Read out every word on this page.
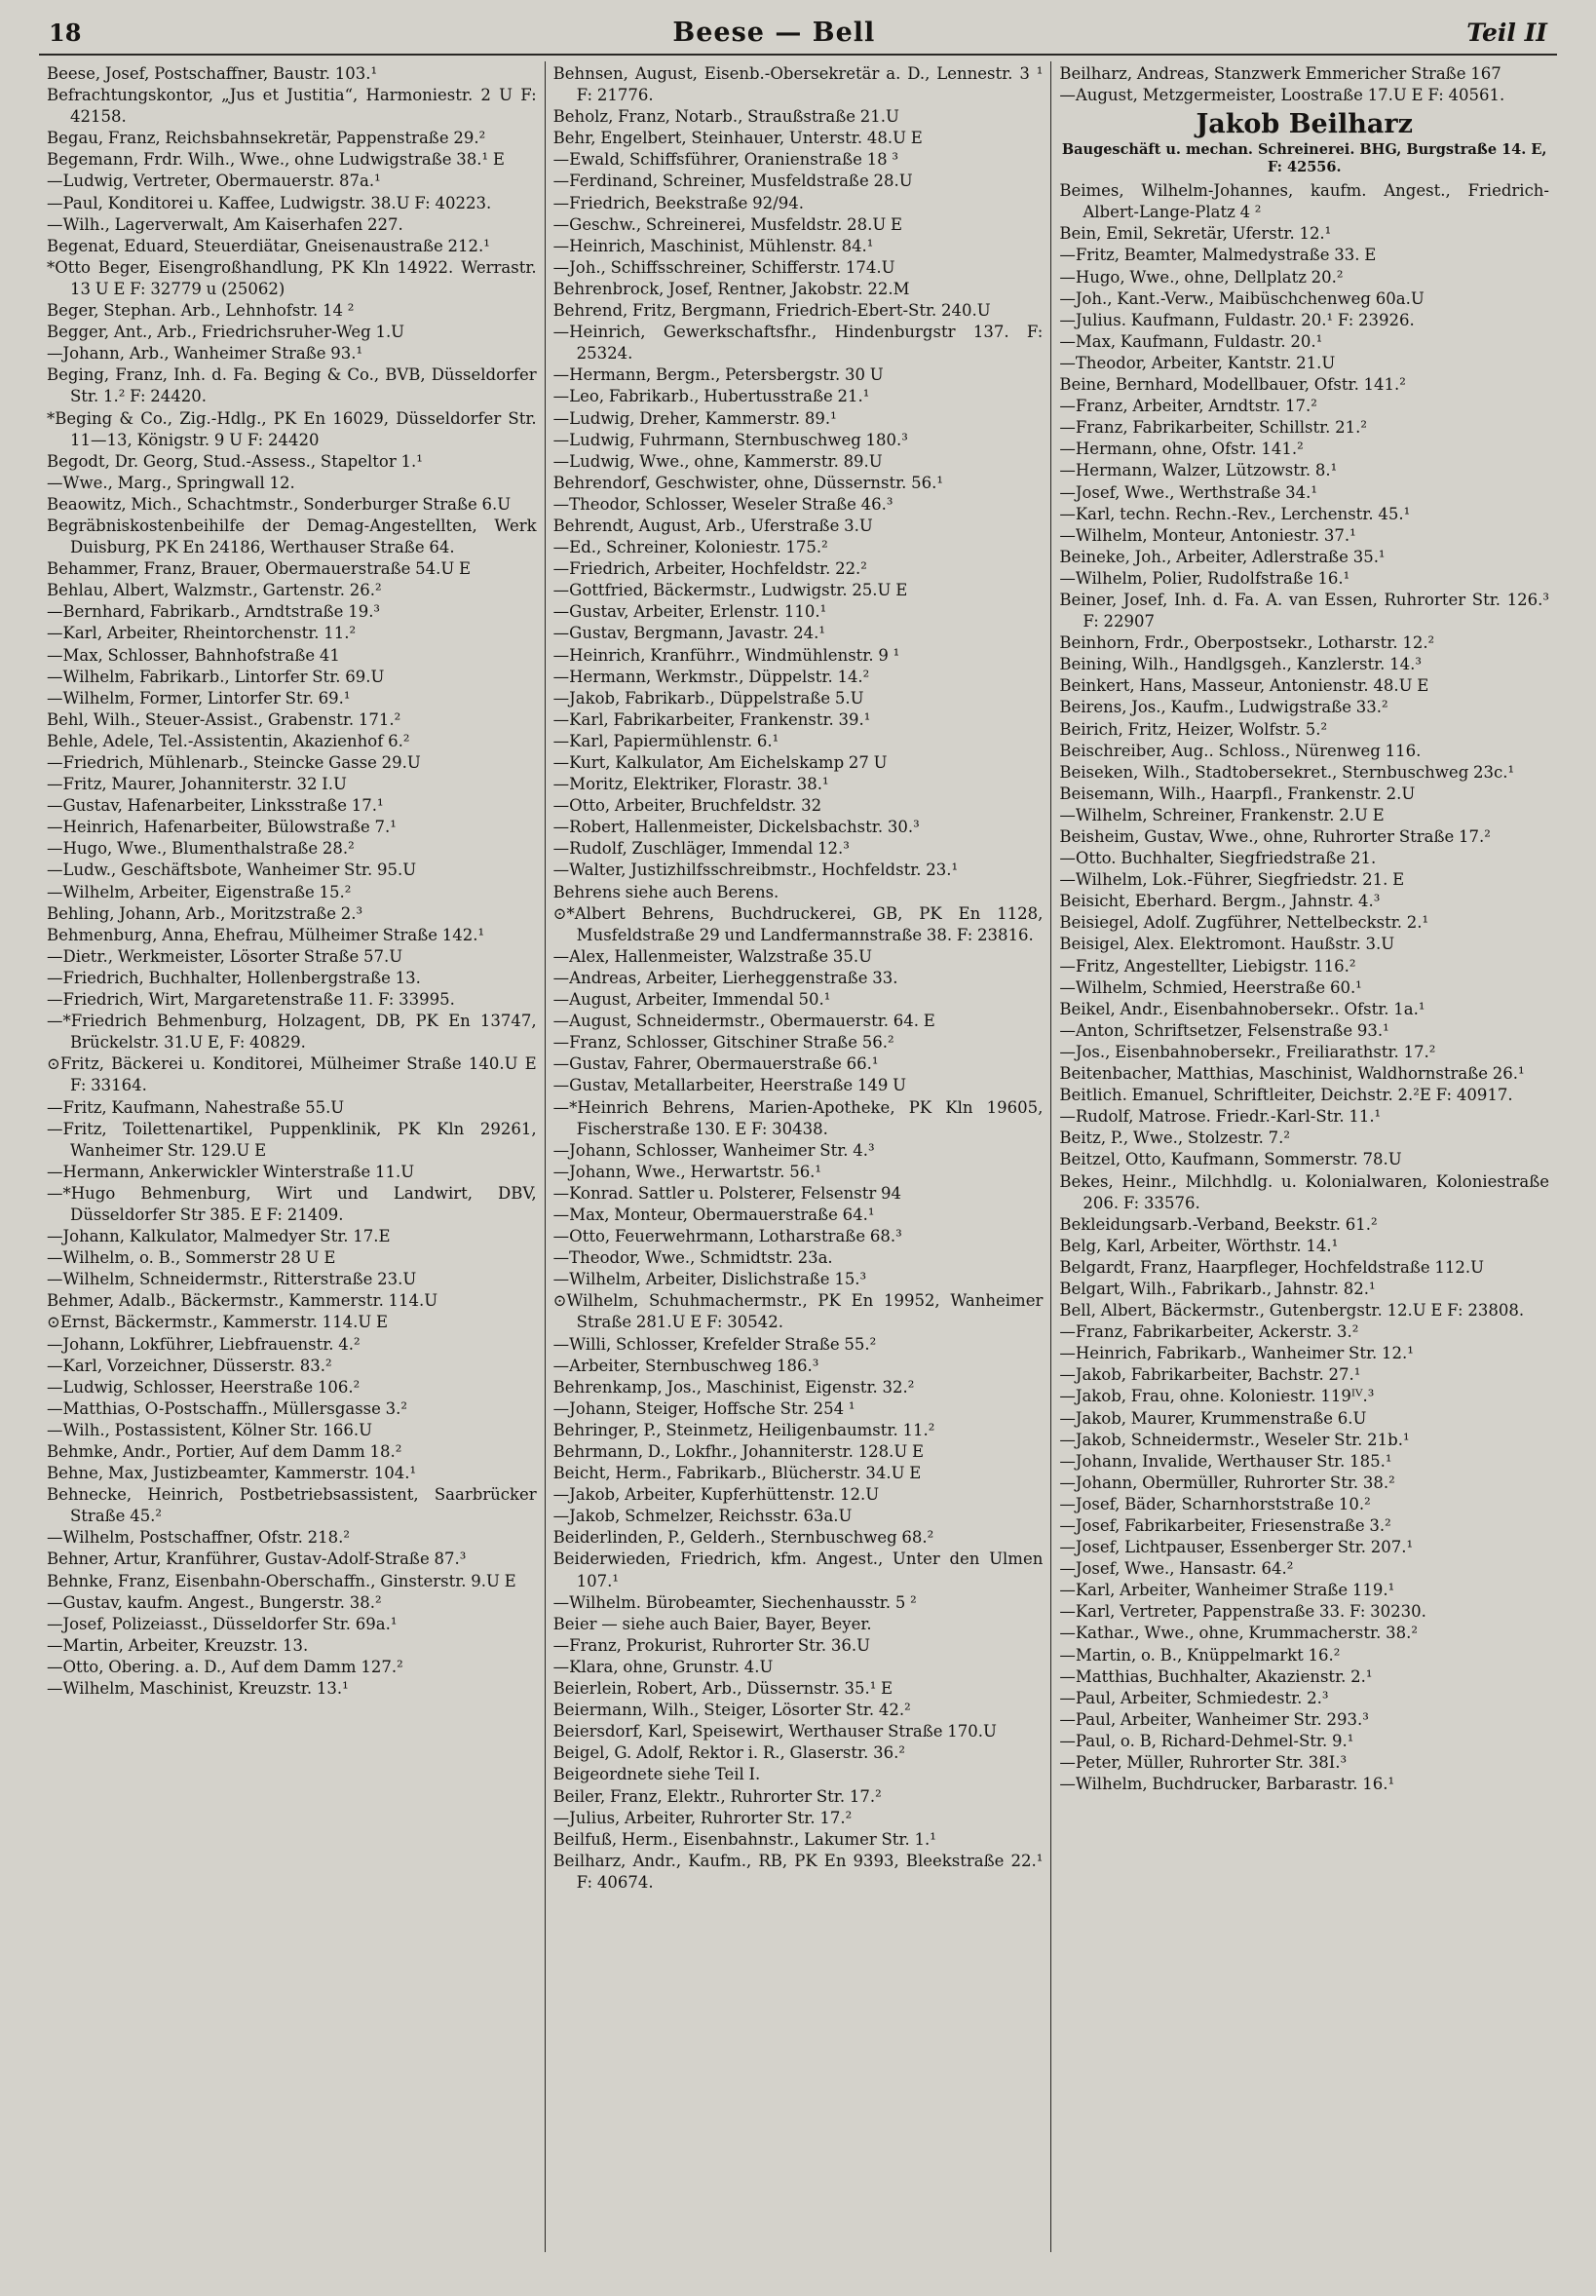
18	Beese — Bell	Teil II

Beese, Josef, Postschaffner, Baustr. 103.¹

Befrachtungskontor, „Jus et Justitia“, Harmoniestr. 2 U F: 42158.

Begau, Franz, Reichsbahnsekretär, Pappenstraße 29.²

Begemann, Frdr. Wilh., Wwe., ohne Ludwigstraße 38.¹ E

—Ludwig, Vertreter, Obermauerstr. 87a.¹

—Paul, Konditorei u. Kaffee, Ludwigstr. 38.U F: 40223.

—Wilh., Lagerverwalt, Am Kaiserhafen 227.

Begenat, Eduard, Steuerdiätar, Gneisenaustraße 212.¹

*Otto Beger, Eisengroßhandlung, PK Kln 14922. Werrastr. 13 U E F: 32779 u (25062)

Beger, Stephan. Arb., Lehnhofstr. 14 ²

Begger, Ant., Arb., Friedrichsruher-Weg 1.U

—Johann, Arb., Wanheimer Straße 93.¹

Beging, Franz, Inh. d. Fa. Beging & Co., BVB, Düsseldorfer Str. 1.² F: 24420.

*Beging & Co., Zig.-Hdlg., PK En 16029, Düsseldorfer Str. 11—13, Königstr. 9 U F: 24420

Begodt, Dr. Georg, Stud.-Assess., Stapeltor 1.¹

—Wwe., Marg., Springwall 12.

Beaowitz, Mich., Schachtmstr., Sonderburger Straße 6.U

Begräbniskostenbeihilfe der Demag-Angestellten, Werk Duisburg, PK En 24186, Werthauser Straße 64.

Behammer, Franz, Brauer, Obermauerstraße 54.U E

Behlau, Albert, Walzmstr., Gartenstr. 26.²

—Bernhard, Fabrikarb., Arndtstraße 19.³

—Karl, Arbeiter, Rheintorchenstr. 11.²

—Max, Schlosser, Bahnhofstraße 41

—Wilhelm, Fabrikarb., Lintorfer Str. 69.U

—Wilhelm, Former, Lintorfer Str. 69.¹

Behl, Wilh., Steuer-Assist., Grabenstr. 171.²

Behle, Adele, Tel.-Assistentin, Akazienhof 6.²

—Friedrich, Mühlenarb., Steincke Gasse 29.U

—Fritz, Maurer, Johanniterstr. 32 I.U

—Gustav, Hafenarbeiter, Linksstraße 17.¹

—Heinrich, Hafenarbeiter, Bülowstraße 7.¹

—Hugo, Wwe., Blumenthalstraße 28.²

—Ludw., Geschäftsbote, Wanheimer Str. 95.U

—Wilhelm, Arbeiter, Eigenstraße 15.²

Behling, Johann, Arb., Moritzstraße 2.³

Behmenburg, Anna, Ehefrau, Mülheimer Straße 142.¹

—Dietr., Werkmeister, Lösorter Straße 57.U

—Friedrich, Buchhalter, Hollenbergstraße 13.

—Friedrich, Wirt, Margaretenstraße 11. F: 33995.

—*Friedrich Behmenburg, Holzagent, DB, PK En 13747, Brückelstr. 31.U E, F: 40829.

⊙Fritz, Bäckerei u. Konditorei, Mülheimer Straße 140.U E F: 33164.

—Fritz, Kaufmann, Nahestraße 55.U

—Fritz, Toilettenartikel, Puppenklinik, PK Kln 29261, Wanheimer Str. 129.U E

—Hermann, Ankerwickler Winterstraße 11.U

—*Hugo Behmenburg, Wirt und Landwirt, DBV, Düsseldorfer Str 385. E F: 21409.

—Johann, Kalkulator, Malmedyer Str. 17.E

—Wilhelm, o. B., Sommerstr 28 U E

—Wilhelm, Schneidermstr., Ritterstraße 23.U

Behmer, Adalb., Bäckermstr., Kammerstr. 114.U

⊙Ernst, Bäckermstr., Kammerstr. 114.U E

—Johann, Lokführer, Liebfrauenstr. 4.²

—Karl, Vorzeichner, Düsserstr. 83.²

—Ludwig, Schlosser, Heerstraße 106.²

—Matthias, O-Postschaffn., Müllersgasse 3.²

—Wilh., Postassistent, Kölner Str. 166.U

Behmke, Andr., Portier, Auf dem Damm 18.²

Behne, Max, Justizbeamter, Kammerstr. 104.¹

Behnecke, Heinrich, Postbetriebsassistent, Saarbrücker Straße 45.²

—Wilhelm, Postschaffner, Ofstr. 218.²

Behner, Artur, Kranführer, Gustav-Adolf-Straße 87.³

Behnke, Franz, Eisenbahn-Oberschaffn., Ginsterstr. 9.U E

—Gustav, kaufm. Angest., Bungerstr. 38.²

—Josef, Polizeiasst., Düsseldorfer Str. 69a.¹

—Martin, Arbeiter, Kreuzstr. 13.

—Otto, Obering. a. D., Auf dem Damm 127.²

—Wilhelm, Maschinist, Kreuzstr. 13.¹

Behnsen, August, Eisenb.-Obersekretär a. D., Lennestr. 3 ¹ F: 21776.

Beholz, Franz, Notarb., Straußstraße 21.U

Behr, Engelbert, Steinhauer, Unterstr. 48.U E

—Ewald, Schiffsführer, Oranienstraße 18 ³

—Ferdinand, Schreiner, Musfeldstraße 28.U

—Friedrich, Beekstraße 92/94.

—Geschw., Schreinerei, Musfeldstr. 28.U E

—Heinrich, Maschinist, Mühlenstr. 84.¹

—Joh., Schiffsschreiner, Schifferstr. 174.U

Behrenbrock, Josef, Rentner, Jakobstr. 22.M

Behrend, Fritz, Bergmann, Friedrich-Ebert-Str. 240.U

—Heinrich, Gewerkschaftsfhr., Hindenburgstr 137. F: 25324.

—Hermann, Bergm., Petersbergstr. 30 U

—Leo, Fabrikarb., Hubertusstraße 21.¹

—Ludwig, Dreher, Kammerstr. 89.¹

—Ludwig, Fuhrmann, Sternbuschweg 180.³

—Ludwig, Wwe., ohne, Kammerstr. 89.U

Behrendorf, Geschwister, ohne, Düssernstr. 56.¹

—Theodor, Schlosser, Weseler Straße 46.³

Behrendt, August, Arb., Uferstraße 3.U

—Ed., Schreiner, Koloniestr. 175.²

—Friedrich, Arbeiter, Hochfeldstr. 22.²

—Gottfried, Bäckermstr., Ludwigstr. 25.U E

—Gustav, Arbeiter, Erlenstr. 110.¹

—Gustav, Bergmann, Javastr. 24.¹

—Heinrich, Kranführr., Windmühlenstr. 9 ¹

—Hermann, Werkmstr., Düppelstr. 14.²

—Jakob, Fabrikarb., Düppelstraße 5.U

—Karl, Fabrikarbeiter, Frankenstr. 39.¹

—Karl, Papiermühlenstr. 6.¹

—Kurt, Kalkulator, Am Eichelskamp 27 U

—Moritz, Elektriker, Florastr. 38.¹

—Otto, Arbeiter, Bruchfeldstr. 32

—Robert, Hallenmeister, Dickelsbachstr. 30.³

—Rudolf, Zuschläger, Immendal 12.³

—Walter, Justizhilfsschreibmstr., Hochfeldstr. 23.¹

Behrens siehe auch Berens.

⊙*Albert Behrens, Buchdruckerei, GB, PK En 1128, Musfeldstraße 29 und Landfermannstraße 38. F: 23816.

—Alex, Hallenmeister, Walzstraße 35.U

—Andreas, Arbeiter, Lierheggenstraße 33.

—August, Arbeiter, Immendal 50.¹

—August, Schneidermstr., Obermauerstr. 64. E

—Franz, Schlosser, Gitschiner Straße 56.²

—Gustav, Fahrer, Obermauerstraße 66.¹

—Gustav, Metallarbeiter, Heerstraße 149 U

—*Heinrich Behrens, Marien-Apotheke, PK Kln 19605, Fischerstraße 130. E F: 30438.

—Johann, Schlosser, Wanheimer Str. 4.³

—Johann, Wwe., Herwartstr. 56.¹

—Konrad. Sattler u. Polsterer, Felsenstr 94

—Max, Monteur, Obermauerstraße 64.¹

—Otto, Feuerwehrmann, Lotharstraße 68.³

—Theodor, Wwe., Schmidtstr. 23a.

—Wilhelm, Arbeiter, Dislichstraße 15.³

⊙Wilhelm, Schuhmachermstr., PK En 19952, Wanheimer Straße 281.U E F: 30542.

—Willi, Schlosser, Krefelder Straße 55.²

—Arbeiter, Sternbuschweg 186.³

Behrenkamp, Jos., Maschinist, Eigenstr. 32.²

—Johann, Steiger, Hoffsche Str. 254 ¹

Behringer, P., Steinmetz, Heiligenbaumstr. 11.²

Behrmann, D., Lokfhr., Johanniterstr. 128.U E

Beicht, Herm., Fabrikarb., Blücherstr. 34.U E

—Jakob, Arbeiter, Kupferhüttenstr. 12.U

—Jakob, Schmelzer, Reichsstr. 63a.U

Beiderlinden, P., Gelderh., Sternbuschweg 68.²

Beiderwieden, Friedrich, kfm. Angest., Unter den Ulmen 107.¹

—Wilhelm. Bürobeamter, Siechenhausstr. 5 ²

Beier — siehe auch Baier, Bayer, Beyer.

—Franz, Prokurist, Ruhrorter Str. 36.U

—Klara, ohne, Grunstr. 4.U

Beierlein, Robert, Arb., Düssernstr. 35.¹ E

Beiermann, Wilh., Steiger, Lösorter Str. 42.²

Beiersdorf, Karl, Speisewirt, Werthauser Straße 170.U

Beigel, G. Adolf, Rektor i. R., Glaserstr. 36.²

Beigeordnete siehe Teil I.

Beiler, Franz, Elektr., Ruhrorter Str. 17.²

—Julius, Arbeiter, Ruhrorter Str. 17.²

Beilfuß, Herm., Eisenbahnstr., Lakumer Str. 1.¹

Beilharz, Andr., Kaufm., RB, PK En 9393, Bleekstraße 22.¹ F: 40674.

Beilharz, Andreas, Stanzwerk Emmericher Straße 167

—August, Metzgermeister, Loostraße 17.U E F: 40561.

Jakob Beilharz

Baugeschäft u. mechan. Schreinerei. BHG, Burgstraße 14. E, F: 42556.

Beimes, Wilhelm-Johannes, kaufm. Angest., Friedrich-Albert-Lange-Platz 4 ²

Bein, Emil, Sekretär, Uferstr. 12.¹

—Fritz, Beamter, Malmedystraße 33. E

—Hugo, Wwe., ohne, Dellplatz 20.²

—Joh., Kant.-Verw., Maibüschchenweg 60a.U

—Julius. Kaufmann, Fuldastr. 20.¹ F: 23926.

—Max, Kaufmann, Fuldastr. 20.¹

—Theodor, Arbeiter, Kantstr. 21.U

Beine, Bernhard, Modellbauer, Ofstr. 141.²

—Franz, Arbeiter, Arndtstr. 17.²

—Franz, Fabrikarbeiter, Schillstr. 21.²

—Hermann, ohne, Ofstr. 141.²

—Hermann, Walzer, Lützowstr. 8.¹

—Josef, Wwe., Werthstraße 34.¹

—Karl, techn. Rechn.-Rev., Lerchenstr. 45.¹

—Wilhelm, Monteur, Antoniestr. 37.¹

Beineke, Joh., Arbeiter, Adlerstraße 35.¹

—Wilhelm, Polier, Rudolfstraße 16.¹

Beiner, Josef, Inh. d. Fa. A. van Essen, Ruhrorter Str. 126.³ F: 22907

Beinhorn, Frdr., Oberpostsekr., Lotharstr. 12.²

Beining, Wilh., Handlgsgeh., Kanzlerstr. 14.³

Beinkert, Hans, Masseur, Antonienstr. 48.U E

Beirens, Jos., Kaufm., Ludwigstraße 33.²

Beirich, Fritz, Heizer, Wolfstr. 5.²

Beischreiber, Aug.. Schloss., Nürenweg 116.

Beiseken, Wilh., Stadtobersekret., Sternbuschweg 23c.¹

Beisemann, Wilh., Haarpfl., Frankenstr. 2.U

—Wilhelm, Schreiner, Frankenstr. 2.U E

Beisheim, Gustav, Wwe., ohne, Ruhrorter Straße 17.²

—Otto. Buchhalter, Siegfriedstraße 21.

—Wilhelm, Lok.-Führer, Siegfriedstr. 21. E

Beisicht, Eberhard. Bergm., Jahnstr. 4.³

Beisiegel, Adolf. Zugführer, Nettelbeckstr. 2.¹

Beisigel, Alex. Elektromont. Haußstr. 3.U

—Fritz, Angestellter, Liebigstr. 116.²

—Wilhelm, Schmied, Heerstraße 60.¹

Beikel, Andr., Eisenbahnobersekr.. Ofstr. 1a.¹

—Anton, Schriftsetzer, Felsenstraße 93.¹

—Jos., Eisenbahnobersekr., Freiliarathstr. 17.²

Beitenbacher, Matthias, Maschinist, Waldhornstraße 26.¹

Beitlich. Emanuel, Schriftleiter, Deichstr. 2.²E F: 40917.

—Rudolf, Matrose. Friedr.-Karl-Str. 11.¹

Beitz, P., Wwe., Stolzestr. 7.²

Beitzel, Otto, Kaufmann, Sommerstr. 78.U

Bekes, Heinr., Milchhdlg. u. Kolonialwaren, Koloniestraße 206. F: 33576.

Bekleidungsarb.-Verband, Beekstr. 61.²

Belg, Karl, Arbeiter, Wörthstr. 14.¹

Belgardt, Franz, Haarpfleger, Hochfeldstraße 112.U

Belgart, Wilh., Fabrikarb., Jahnstr. 82.¹

Bell, Albert, Bäckermstr., Gutenbergstr. 12.U E F: 23808.

—Franz, Fabrikarbeiter, Ackerstr. 3.²

—Heinrich, Fabrikarb., Wanheimer Str. 12.¹

—Jakob, Fabrikarbeiter, Bachstr. 27.¹

—Jakob, Frau, ohne. Koloniestr. 119ᴵⱽ.³

—Jakob, Maurer, Krummenstraße 6.U

—Jakob, Schneidermstr., Weseler Str. 21b.¹

—Johann, Invalide, Werthauser Str. 185.¹

—Johann, Obermüller, Ruhrorter Str. 38.²

—Josef, Bäder, Scharnhorststraße 10.²

—Josef, Fabrikarbeiter, Friesenstraße 3.²

—Josef, Lichtpauser, Essenberger Str. 207.¹

—Josef, Wwe., Hansastr. 64.²

—Karl, Arbeiter, Wanheimer Straße 119.¹

—Karl, Vertreter, Pappenstraße 33. F: 30230.

—Kathar., Wwe., ohne, Krummacherstr. 38.²

—Martin, o. B., Knüppelmarkt 16.²

—Matthias, Buchhalter, Akazienstr. 2.¹

—Paul, Arbeiter, Schmiedestr. 2.³

—Paul, Arbeiter, Wanheimer Str. 293.³

—Paul, o. B, Richard-Dehmel-Str. 9.¹

—Peter, Müller, Ruhrorter Str. 38I.³

—Wilhelm, Buchdrucker, Barbarastr. 16.¹
